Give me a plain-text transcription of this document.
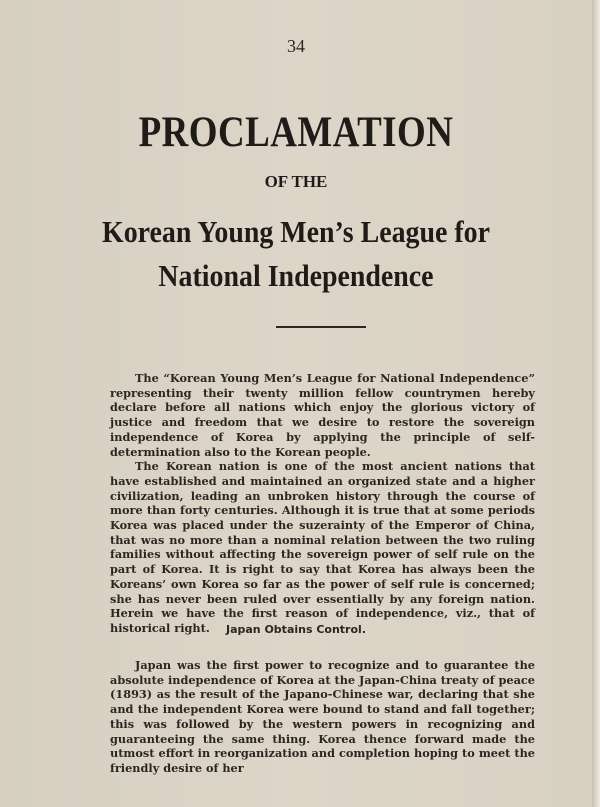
34
PROCLAMATION
OF THE
Korean Young Men’s League for
National Independence

The “Korean Young Men’s League for National Independence” representing their twenty million fellow countrymen hereby declare before all nations which enjoy the glorious victory of justice and freedom that we desire to restore the sovereign independence of Korea by applying the principle of self-determination also to the Korean people.

The Korean nation is one of the most ancient nations that have established and maintained an organized state and a higher civilization, leading an unbroken history through the course of more than forty centuries. Although it is true that at some periods Korea was placed under the suzerainty of the Emperor of China, that was no more than a nominal relation between the two ruling families without affecting the sovereign power of self rule on the part of Korea. It is right to say that Korea has always been the Koreans’ own Korea so far as the power of self rule is concerned; she has never been ruled over essentially by any foreign nation. Herein we have the first reason of independence, viz., that of historical right.	Japan Obtains Control.

Japan was the first power to recognize and to guarantee the absolute independence of Korea at the Japan-China treaty of peace (1893) as the result of the Japano-Chinese war, declaring that she and the independent Korea were bound to stand and fall together; this was followed by the western powers in recognizing and guaranteeing the same thing. Korea thence forward made the utmost effort in reorganization and completion hoping to meet the friendly desire of her
